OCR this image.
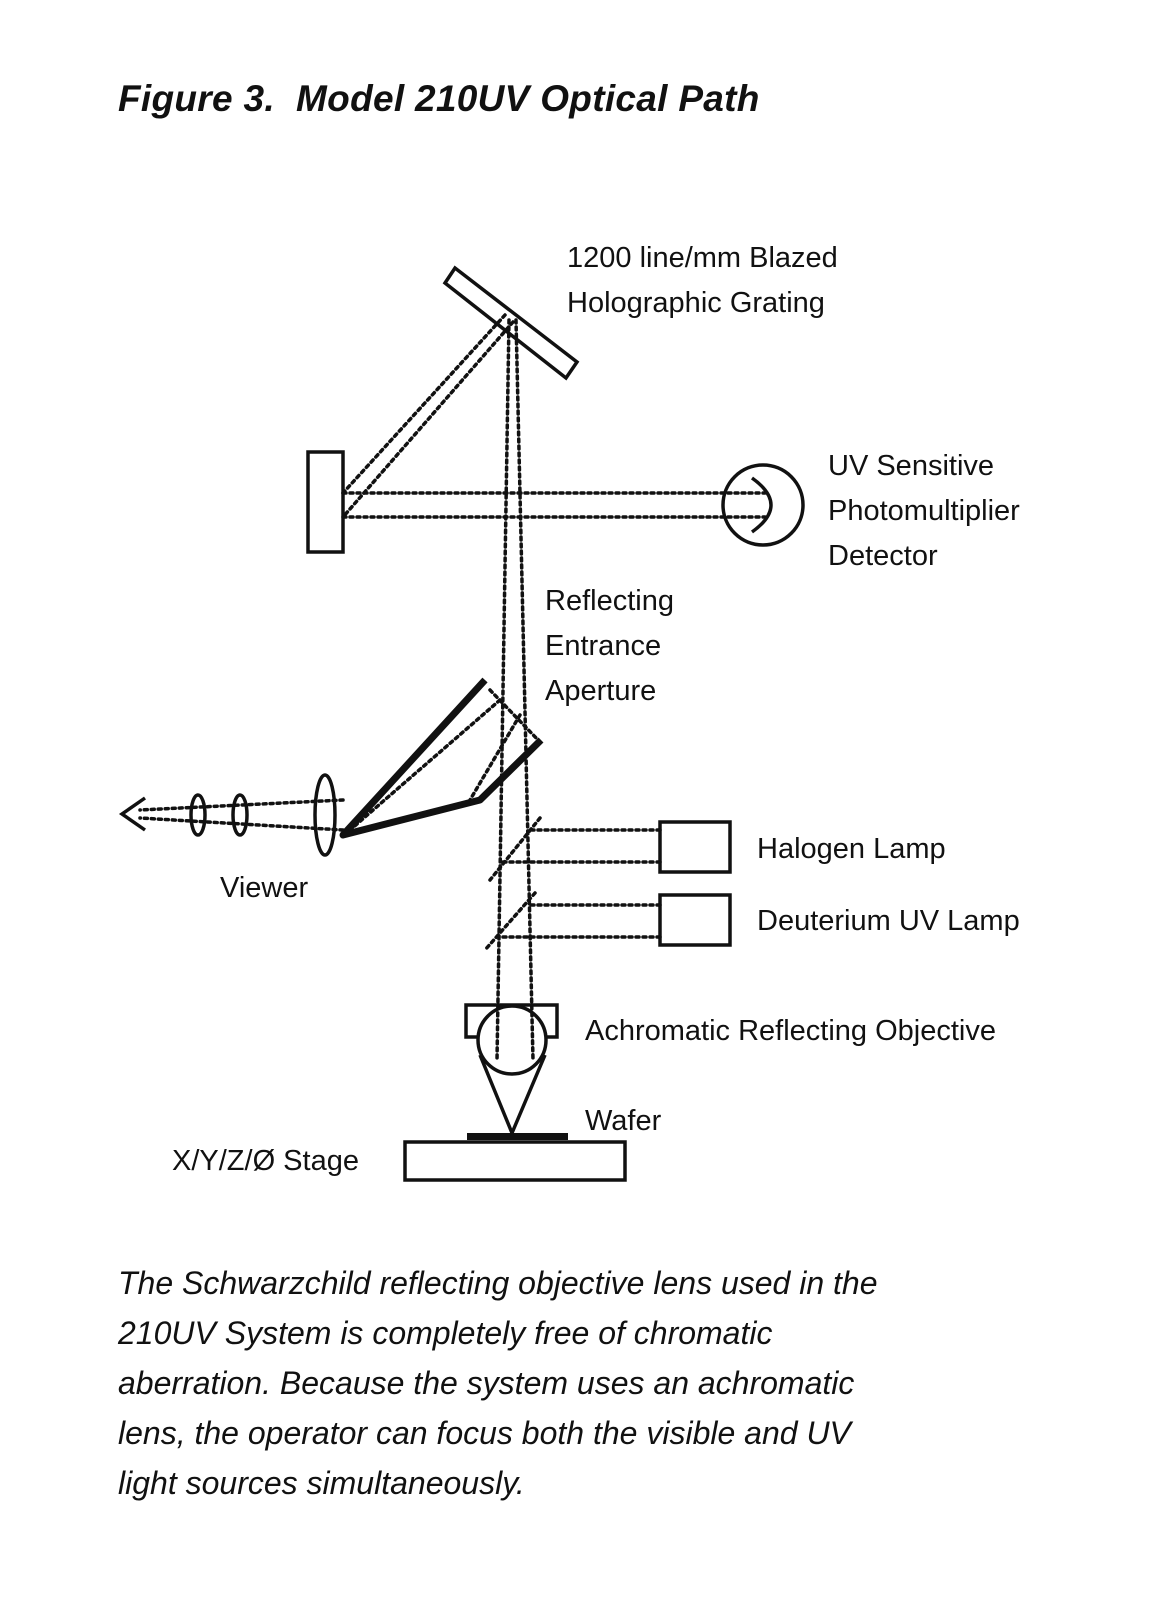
Figure 3.  Model 210UV Optical Path
1200 line/mm Blazed
Holographic Grating
UV Sensitive
Photomultiplier
Detector
Reflecting
Entrance
Aperture
Viewer
Halogen Lamp
Deuterium UV Lamp
Achromatic Reflecting Objective
Wafer
X/Y/Z/Ø Stage
The Schwarzchild reflecting objective lens used in the
210UV System is completely free of chromatic
aberration. Because the system uses an achromatic
lens, the operator can focus both the visible and UV
light sources simultaneously.
